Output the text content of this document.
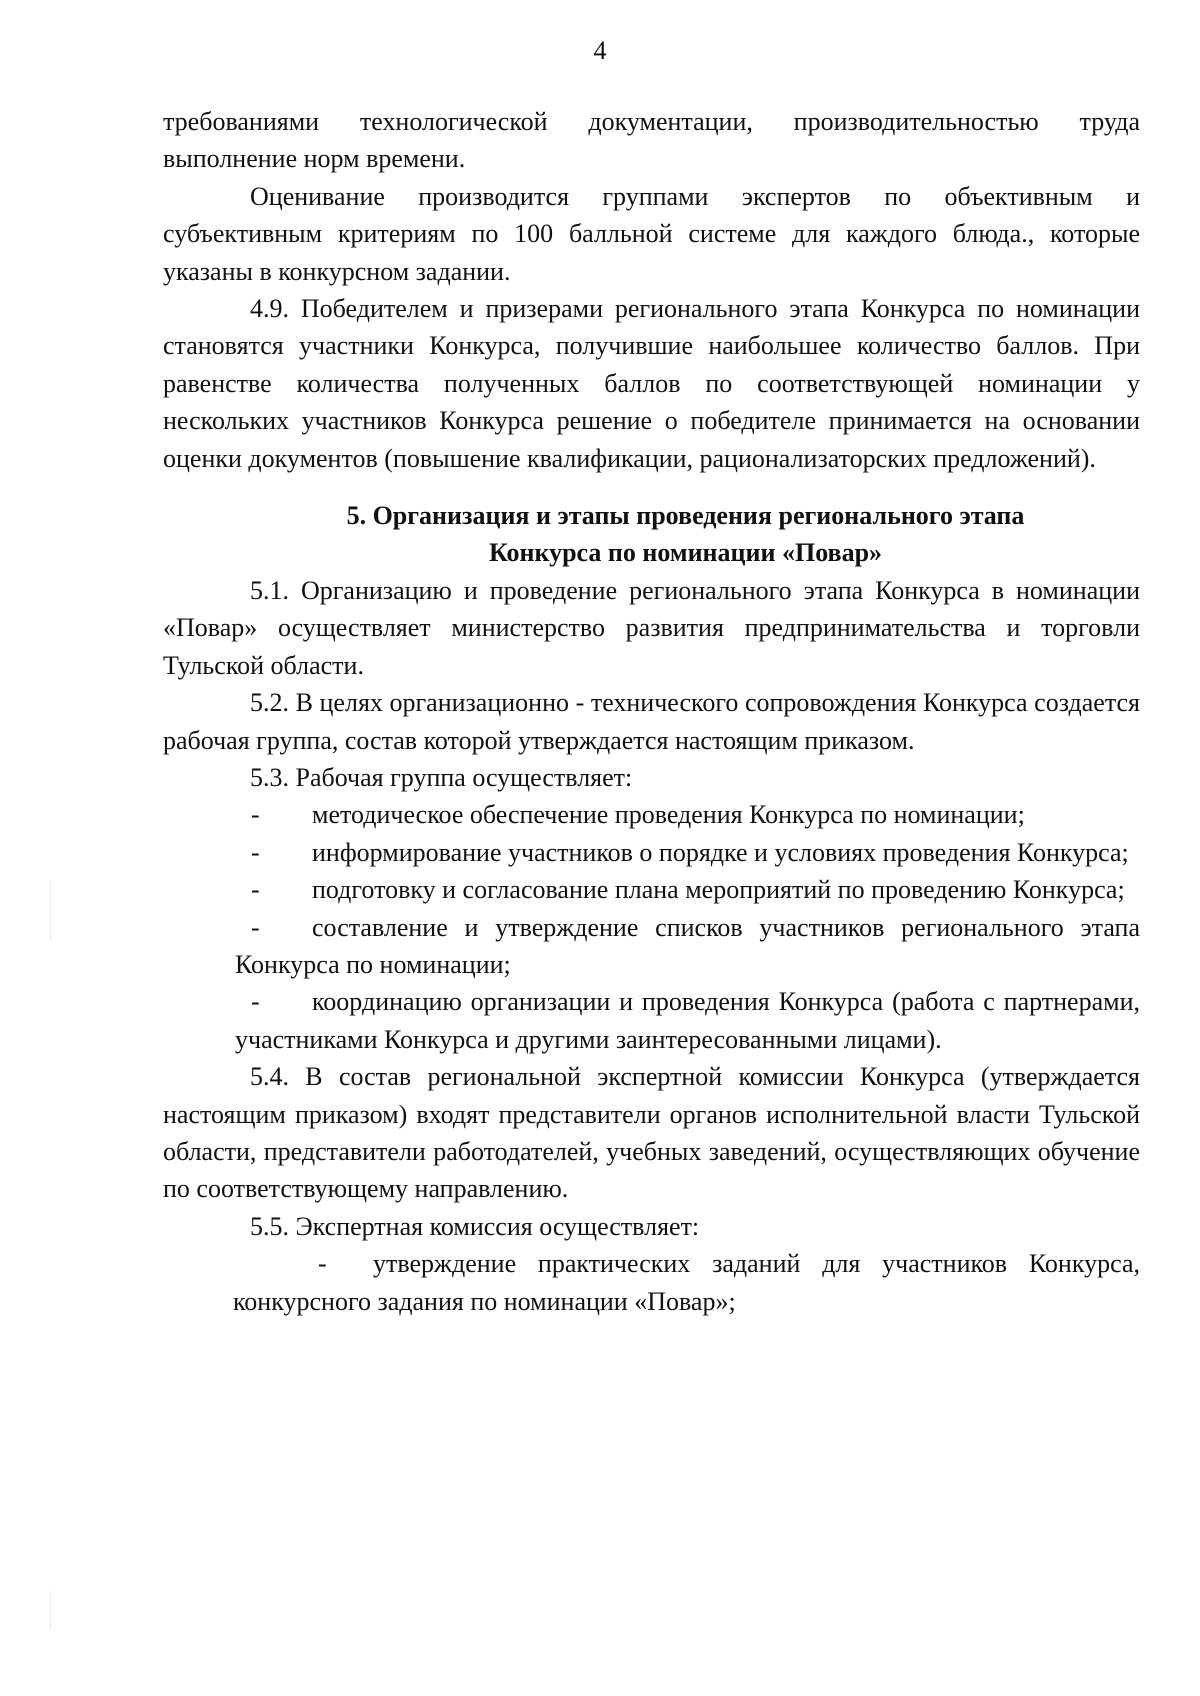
4

требованиями технологической документации, производительностью труда выполнение норм времени.

Оценивание производится группами экспертов по объективным и субъективным критериям по 100 балльной системе для каждого блюда., которые указаны в конкурсном задании.

4.9. Победителем и призерами регионального этапа Конкурса по номинации становятся участники Конкурса, получившие наибольшее количество баллов. При равенстве количества полученных баллов по соответствующей номинации у нескольких участников Конкурса решение о победителе принимается на основании оценки документов (повышение квалификации, рационализаторских предложений).

5. Организация и этапы проведения регионального этапа
Конкурса по номинации «Повар»

5.1. Организацию и проведение регионального этапа Конкурса в номинации «Повар» осуществляет министерство развития предпринимательства и торговли Тульской области.

5.2. В целях организационно - технического сопровождения Конкурса создается рабочая группа, состав которой утверждается настоящим приказом.

5.3. Рабочая группа осуществляет:

-	методическое обеспечение проведения Конкурса по номинации;

-	информирование участников о порядке и условиях проведения Конкурса;

-	подготовку и согласование плана мероприятий по проведению Конкурса;

-	составление и утверждение списков участников регионального этапа Конкурса по номинации;

-	координацию организации и проведения Конкурса (работа с партнерами, участниками Конкурса и другими заинтересованными лицами).

5.4. В состав региональной экспертной комиссии Конкурса (утверждается настоящим приказом) входят представители органов исполнительной власти Тульской области, представители работодателей, учебных заведений, осуществляющих обучение по соответствующему направлению.

5.5. Экспертная комиссия осуществляет:

-	утверждение практических заданий для участников Конкурса, конкурсного задания по номинации «Повар»;
